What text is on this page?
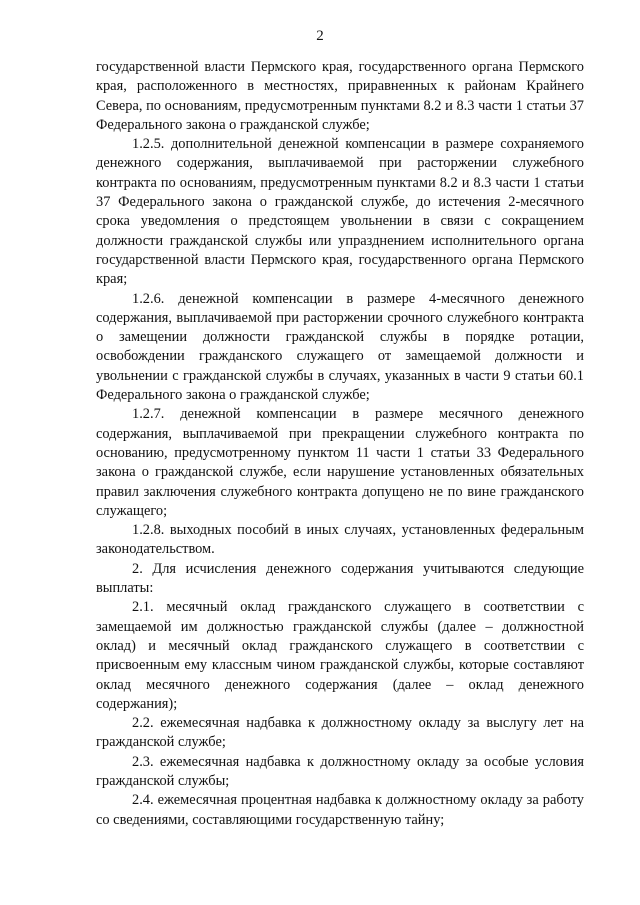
2

государственной власти Пермского края, государственного органа Пермского края, расположенного в местностях, приравненных к районам Крайнего Севера, по основаниям, предусмотренным пунктами 8.2 и 8.3 части 1 статьи 37 Федерального закона о гражданской службе;

1.2.5. дополнительной денежной компенсации в размере сохраняемого денежного содержания, выплачиваемой при расторжении служебного контракта по основаниям, предусмотренным пунктами 8.2 и 8.3 части 1 статьи 37 Федерального закона о гражданской службе, до истечения 2-месячного срока уведомления о предстоящем увольнении в связи с сокращением должности гражданской службы или упразднением исполнительного органа государственной власти Пермского края, государственного органа Пермского края;

1.2.6. денежной компенсации в размере 4-месячного денежного содержания, выплачиваемой при расторжении срочного служебного контракта о замещении должности гражданской службы в порядке ротации, освобождении гражданского служащего от замещаемой должности и увольнении с гражданской службы в случаях, указанных в части 9 статьи 60.1 Федерального закона о гражданской службе;

1.2.7. денежной компенсации в размере месячного денежного содержания, выплачиваемой при прекращении служебного контракта по основанию, предусмотренному пунктом 11 части 1 статьи 33 Федерального закона о гражданской службе, если нарушение установленных обязательных правил заключения служебного контракта допущено не по вине гражданского служащего;

1.2.8. выходных пособий в иных случаях, установленных федеральным законодательством.

2. Для исчисления денежного содержания учитываются следующие выплаты:

2.1. месячный оклад гражданского служащего в соответствии с замещаемой им должностью гражданской службы (далее – должностной оклад) и месячный оклад гражданского служащего в соответствии с присвоенным ему классным чином гражданской службы, которые составляют оклад месячного денежного содержания (далее – оклад денежного содержания);

2.2. ежемесячная надбавка к должностному окладу за выслугу лет на гражданской службе;

2.3. ежемесячная надбавка к должностному окладу за особые условия гражданской службы;

2.4. ежемесячная процентная надбавка к должностному окладу за работу со сведениями, составляющими государственную тайну;
